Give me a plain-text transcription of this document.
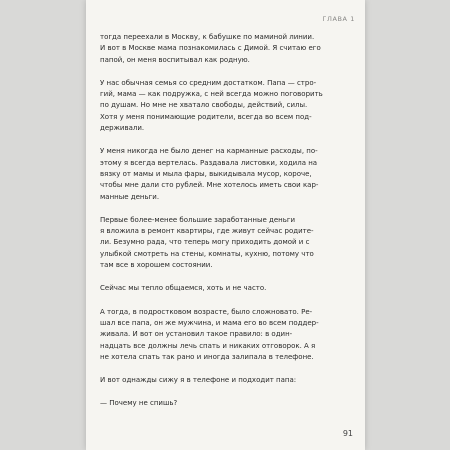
ГЛАВА 1

тогда переехали в Москву, к бабушке по маминой линии.
И вот в Москве мама познакомилась с Димой. Я считаю его
папой, он меня воспитывал как родную.

У нас обычная семья со средним достатком. Папа — стро-
гий, мама — как подружка, с ней всегда можно поговорить
по душам. Но мне не хватало свободы, действий, силы.
Хотя у меня понимающие родители, всегда во всем под-
держивали.

У меня никогда не было денег на карманные расходы, по-
этому я всегда вертелась. Раздавала листовки, ходила на
вязку от мамы и мыла фары, выкидывала мусор, короче,
чтобы мне дали сто рублей. Мне хотелось иметь свои кар-
манные деньги.

Первые более-менее большие заработанные деньги
я вложила в ремонт квартиры, где живут сейчас родите-
ли. Безумно рада, что теперь могу приходить домой и с
улыбкой смотреть на стены, комнаты, кухню, потому что
там все в хорошем состоянии.

Сейчас мы тепло общаемся, хоть и не часто.

А тогда, в подростковом возрасте, было сложновато. Ре-
шал все папа, он же мужчина, и мама его во всем поддер-
живала. И вот он установил такое правило: в один-
надцать все должны лечь спать и никаких отговорок. А я
не хотела спать так рано и иногда залипала в телефоне.

И вот однажды сижу я в телефоне и подходит папа:

— Почему не спишь?

91
